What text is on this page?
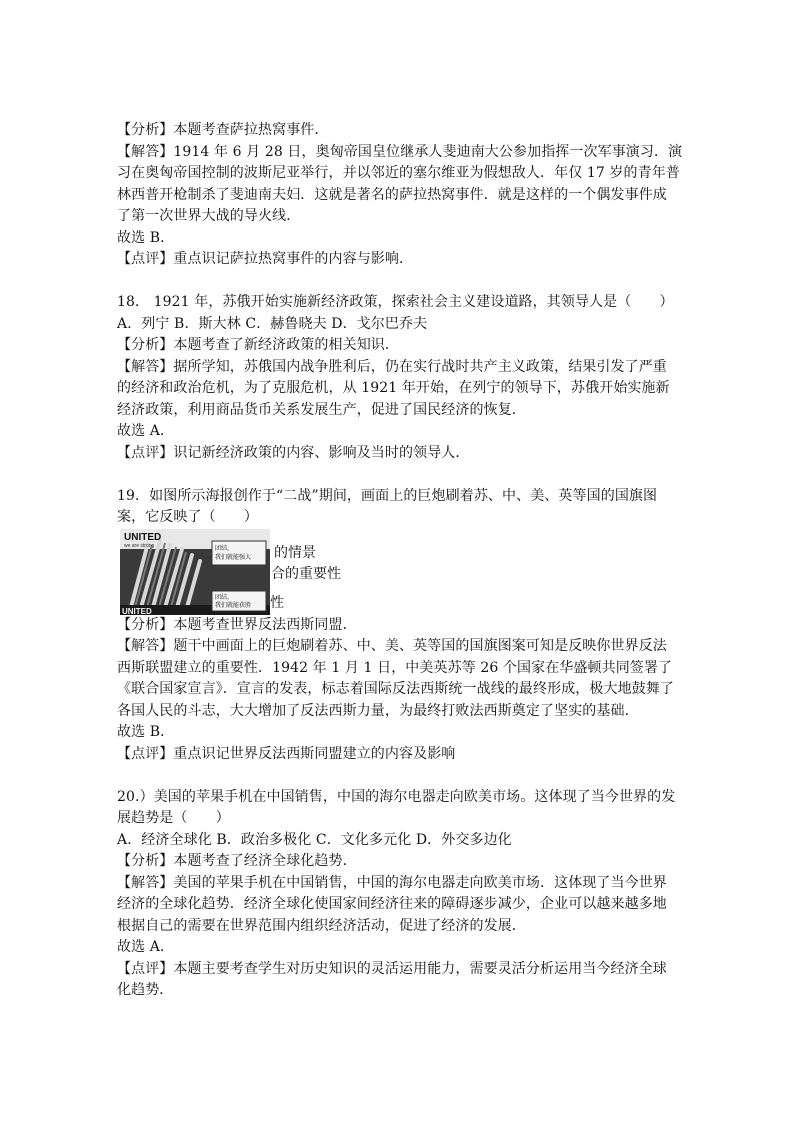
【分析】本题考查萨拉热窝事件．
【解答】1914 年 6 月 28 日，奥匈帝国皇位继承人斐迪南大公参加指挥一次军事演习．演
习在奥匈帝国控制的波斯尼亚举行，并以邻近的塞尔维亚为假想敌人．年仅 17 岁的青年普
林西普开枪制杀了斐迪南夫妇．这就是著名的萨拉热窝事件．就是这样的一个偶发事件成
了第一次世界大战的导火线．
故选 B．
【点评】重点识记萨拉热窝事件的内容与影响．
18． 1921 年，苏俄开始实施新经济政策，探索社会主义建设道路，其领导人是（　　）
A．列宁 B．斯大林 C．赫鲁晓夫 D．戈尔巴乔夫
【分析】本题考查了新经济政策的相关知识．
【解答】据所学知，苏俄国内战争胜利后，仍在实行战时共产主义政策，结果引发了严重
的经济和政治危机，为了克服危机，从 1921 年开始，在列宁的领导下，苏俄开始实施新
经济政策，利用商品货币关系发展生产，促进了国民经济的恢复．
故选 A．
【点评】识记新经济政策的内容、影响及当时的领导人．
19．如图所示海报创作于“二战”期间，画面上的巨炮刷着苏、中、美、英等国的国旗图
案，它反映了（　　）
UNITED
we are strong	团结，
我们就能强大
团结，
我们就能获胜
UNITED
的情景
合的重要性
性
【分析】本题考查世界反法西斯同盟．
【解答】题干中画面上的巨炮刷着苏、中、美、英等国的国旗图案可知是反映你世界反法
西斯联盟建立的重要性．1942 年 1 月 1 日，中美英苏等 26 个国家在华盛顿共同签署了
《联合国家宣言》．宣言的发表，标志着国际反法西斯统一战线的最终形成，极大地鼓舞了
各国人民的斗志，大大增加了反法西斯力量，为最终打败法西斯奠定了坚实的基础．
故选 B．
【点评】重点识记世界反法西斯同盟建立的内容及影响
20.）美国的苹果手机在中国销售，中国的海尔电器走向欧美市场。这体现了当今世界的发
展趋势是（　　）
A．经济全球化 B．政治多极化 C．文化多元化 D．外交多边化
【分析】本题考查了经济全球化趋势．
【解答】美国的苹果手机在中国销售，中国的海尔电器走向欧美市场．这体现了当今世界
经济的全球化趋势．经济全球化使国家间经济往来的障碍逐步减少，企业可以越来越多地
根据自己的需要在世界范围内组织经济活动，促进了经济的发展．
故选 A．
【点评】本题主要考查学生对历史知识的灵活运用能力，需要灵活分析运用当今经济全球
化趋势．
